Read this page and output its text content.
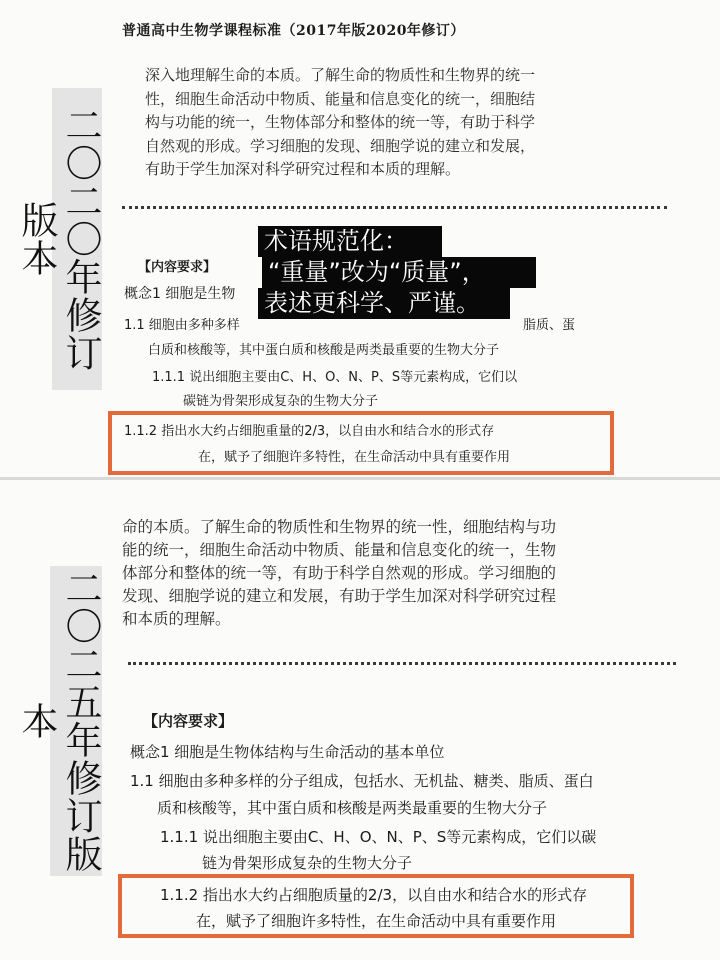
普通高中生物学课程标准（2017年版2020年修订）
二〇二〇年修订版本
深入地理解生命的本质。了解生命的物质性和生物界的统一
性，细胞生命活动中物质、能量和信息变化的统一，细胞结
构与功能的统一，生物体部分和整体的统一等，有助于科学
自然观的形成。学习细胞的发现、细胞学说的建立和发展，
有助于学生加深对科学研究过程和本质的理解。
【内容要求】
概念1 细胞是生物
1.1 细胞由多种多样	脂质、蛋
白质和核酸等，其中蛋白质和核酸是两类最重要的生物大分子
1.1.1 说出细胞主要由C、H、O、N、P、S等元素构成，它们以
碳链为骨架形成复杂的生物大分子
1.1.2 指出水大约占细胞重量的2/3，以自由水和结合水的形式存
在，赋予了细胞许多特性，在生命活动中具有重要作用
术语规范化： “重量”改为“质量”， 表述更科学、严谨。
二〇二五年修订版本
命的本质。了解生命的物质性和生物界的统一性，细胞结构与功
能的统一，细胞生命活动中物质、能量和信息变化的统一，生物
体部分和整体的统一等，有助于科学自然观的形成。学习细胞的
发现、细胞学说的建立和发展，有助于学生加深对科学研究过程
和本质的理解。
【内容要求】
概念1 细胞是生物体结构与生命活动的基本单位
1.1 细胞由多种多样的分子组成，包括水、无机盐、糖类、脂质、蛋白
质和核酸等，其中蛋白质和核酸是两类最重要的生物大分子
1.1.1 说出细胞主要由C、H、O、N、P、S等元素构成，它们以碳
链为骨架形成复杂的生物大分子
1.1.2 指出水大约占细胞质量的2/3，以自由水和结合水的形式存
在，赋予了细胞许多特性，在生命活动中具有重要作用
